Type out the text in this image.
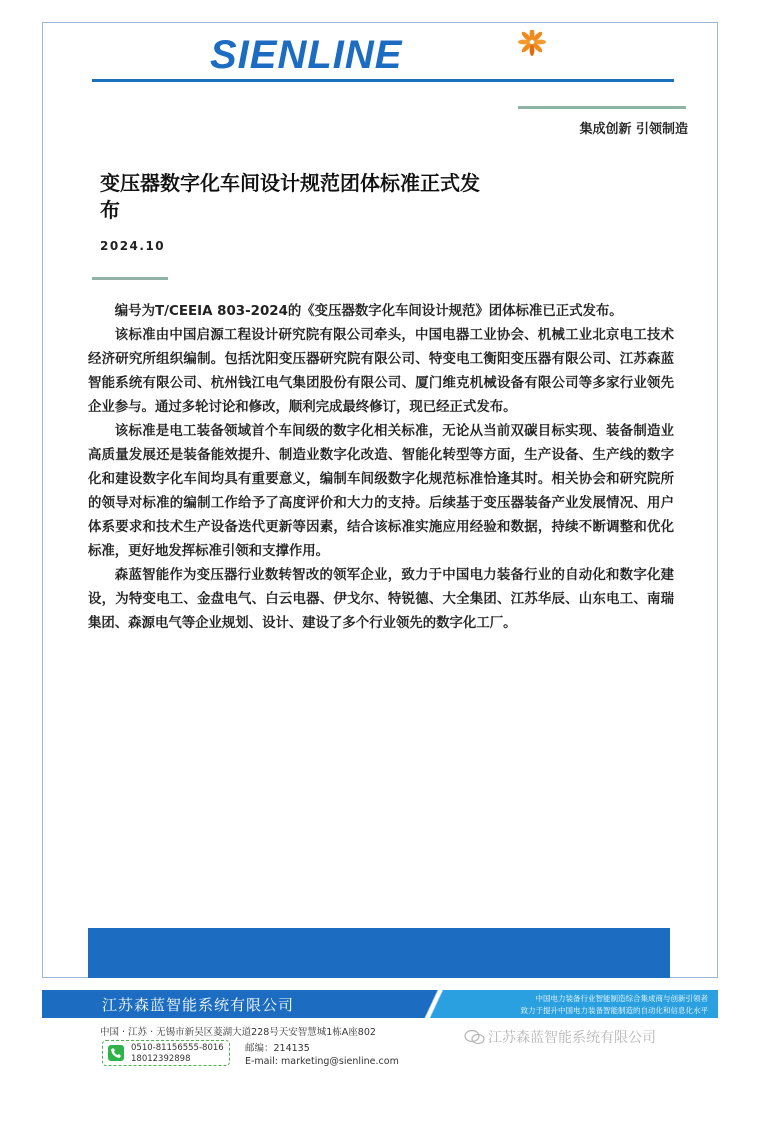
SIENLINE
集成创新 引领制造
变压器数字化车间设计规范团体标准正式发布
2024.10

编号为T/CEEIA 803-2024的《变压器数字化车间设计规范》团体标准已正式发布。

该标准由中国启源工程设计研究院有限公司牵头，中国电器工业协会、机械工业北京电工技术经济研究所组织编制。包括沈阳变压器研究院有限公司、特变电工衡阳变压器有限公司、江苏森蓝智能系统有限公司、杭州钱江电气集团股份有限公司、厦门维克机械设备有限公司等多家行业领先企业参与。通过多轮讨论和修改，顺利完成最终修订，现已经正式发布。

该标准是电工装备领域首个车间级的数字化相关标准，无论从当前双碳目标实现、装备制造业高质量发展还是装备能效提升、制造业数字化改造、智能化转型等方面，生产设备、生产线的数字化和建设数字化车间均具有重要意义，编制车间级数字化规范标准恰逢其时。相关协会和研究院所的领导对标准的编制工作给予了高度评价和大力的支持。后续基于变压器装备产业发展情况、用户体系要求和技术生产设备迭代更新等因素，结合该标准实施应用经验和数据，持续不断调整和优化标准，更好地发挥标准引领和支撑作用。

森蓝智能作为变压器行业数转智改的领军企业，致力于中国电力装备行业的自动化和数字化建设，为特变电工、金盘电气、白云电器、伊戈尔、特锐德、大全集团、江苏华辰、山东电工、南瑞集团、森源电气等企业规划、设计、建设了多个行业领先的数字化工厂。

江苏森蓝智能系统有限公司	中国电力装备行业智能制造综合集成商与创新引领者
致力于提升中国电力装备智能制造的自动化和信息化水平
中国 · 江苏 · 无锡市新吴区菱湖大道228号天安智慧城1栋A座802
0510-81156555-8016
18012392898
邮编：214135
E-mail: marketing@sienline.com
江苏森蓝智能系统有限公司
